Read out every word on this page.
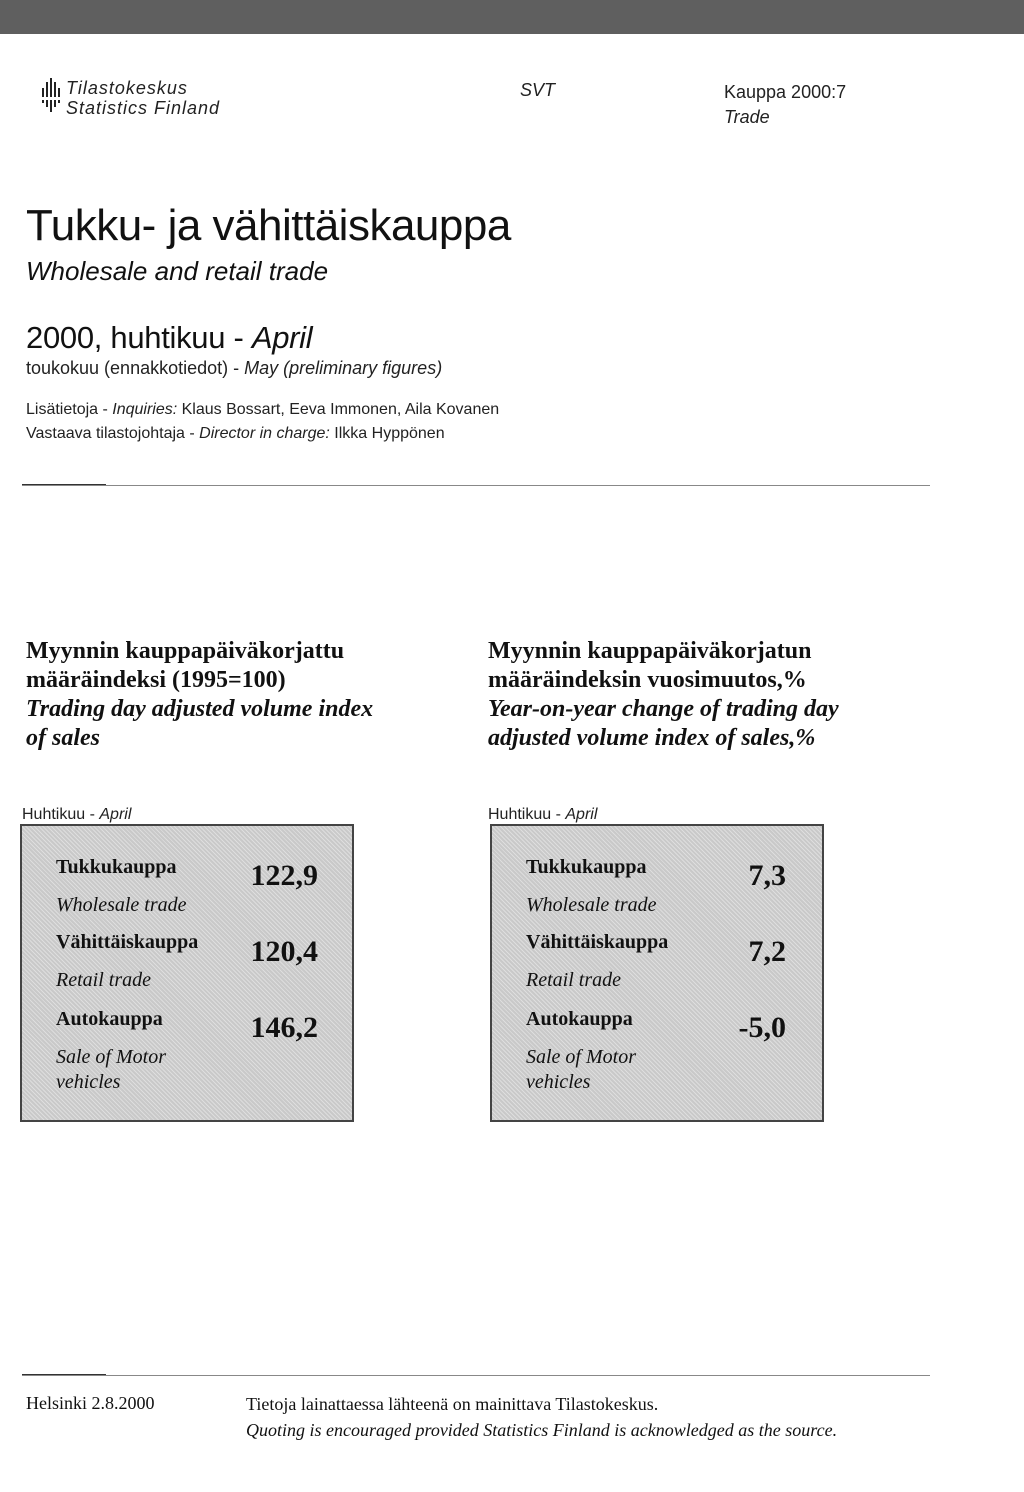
Tilastokeskus
Statistics Finland
SVT	Kauppa 2000:7
Trade
Tukku- ja vähittäiskauppa
Wholesale and retail trade
2000, huhtikuu - April
toukokuu (ennakkotiedot) - May (preliminary figures)
Lisätietoja - Inquiries: Klaus Bossart, Eeva Immonen, Aila Kovanen
Vastaava tilastojohtaja - Director in charge: Ilkka Hyppönen
Myynnin kauppapäiväkorjattu
määräindeksi (1995=100)
Trading day adjusted volume index
of sales
Myynnin kauppapäiväkorjatun
määräindeksin vuosimuutos,%
Year-on-year change of trading day
adjusted volume index of sales,%
Huhtikuu - April
Tukkukauppa
Wholesale trade
122,9
Vähittäiskauppa
Retail trade
120,4
Autokauppa
Sale of Motor
vehicles
146,2
Huhtikuu - April
Tukkukauppa
Wholesale trade
7,3
Vähittäiskauppa
Retail trade
7,2
Autokauppa
Sale of Motor
vehicles
-5,0
Helsinki 2.8.2000	Tietoja lainattaessa lähteenä on mainittava Tilastokeskus.
Quoting is encouraged provided Statistics Finland is acknowledged as the source.
